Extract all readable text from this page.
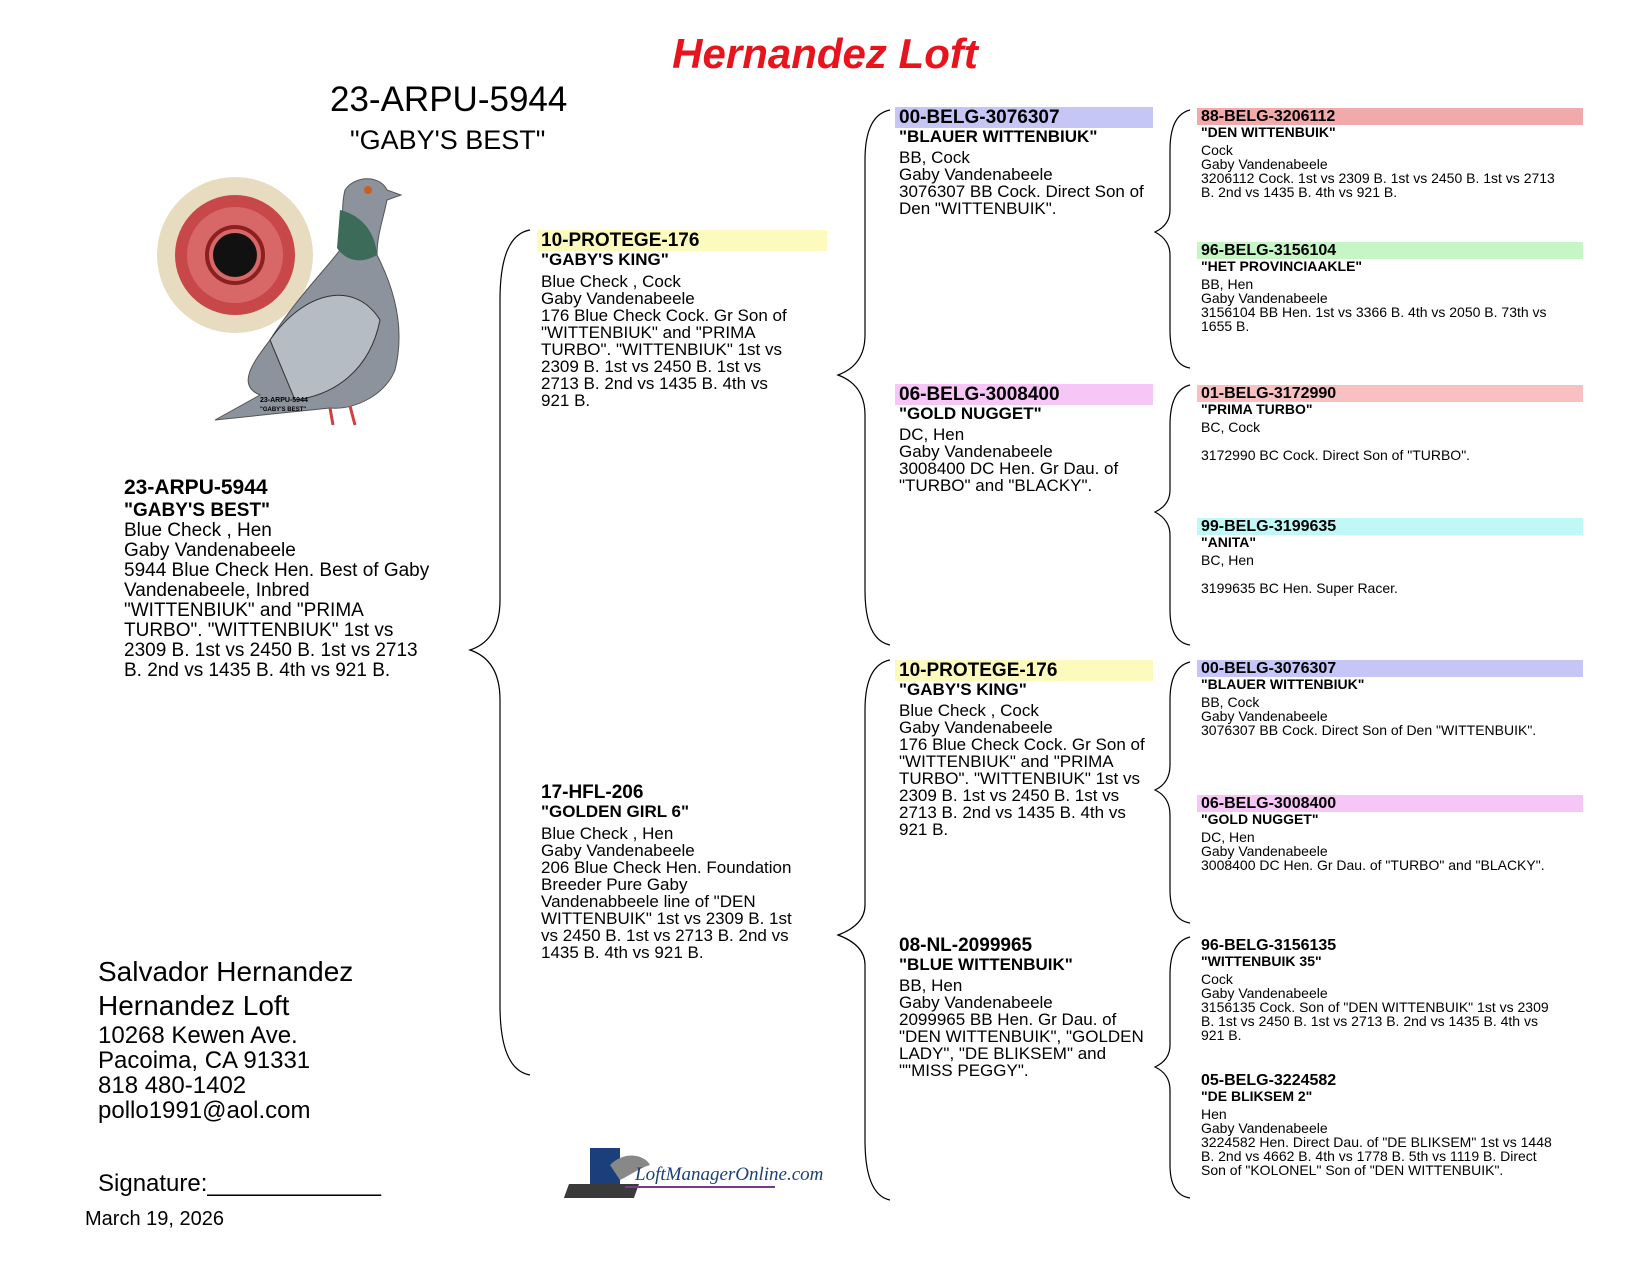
Hernandez Loft
23-ARPU-5944
"GABY'S BEST"
23-ARPU-5944
"GABY'S BEST"
23-ARPU-5944
"GABY'S BEST"
Blue Check , Hen
Gaby Vandenabeele
5944 Blue Check Hen. Best of Gaby
Vandenabeele, Inbred
"WITTENBIUK" and "PRIMA
TURBO". "WITTENBIUK" 1st vs
2309 B. 1st vs 2450 B. 1st vs 2713
B. 2nd vs 1435 B. 4th vs 921 B.
10-PROTEGE-176
"GABY'S KING"
Blue Check , Cock
Gaby Vandenabeele
176 Blue Check Cock. Gr Son of
"WITTENBIUK" and "PRIMA
TURBO". "WITTENBIUK" 1st vs
2309 B. 1st vs 2450 B. 1st vs
2713 B. 2nd vs 1435 B. 4th vs
921 B.
17-HFL-206
"GOLDEN GIRL 6"
Blue Check , Hen
Gaby Vandenabeele
206 Blue Check Hen. Foundation
Breeder Pure Gaby
Vandenabbeele line of "DEN
WITTENBUIK" 1st vs 2309 B. 1st
vs 2450 B. 1st vs 2713 B. 2nd vs
1435 B. 4th vs 921 B.
00-BELG-3076307
"BLAUER WITTENBIUK"
BB, Cock
Gaby Vandenabeele
3076307 BB Cock. Direct Son of
Den "WITTENBUIK".
06-BELG-3008400
"GOLD NUGGET"
DC, Hen
Gaby Vandenabeele
3008400 DC Hen. Gr Dau. of
"TURBO" and "BLACKY".
10-PROTEGE-176
"GABY'S KING"
Blue Check , Cock
Gaby Vandenabeele
176 Blue Check Cock. Gr Son of
"WITTENBIUK" and "PRIMA
TURBO". "WITTENBIUK" 1st vs
2309 B. 1st vs 2450 B. 1st vs
2713 B. 2nd vs 1435 B. 4th vs
921 B.
08-NL-2099965
"BLUE WITTENBUIK"
BB, Hen
Gaby Vandenabeele
2099965 BB Hen. Gr Dau. of
"DEN WITTENBUIK", "GOLDEN
LADY", "DE BLIKSEM" and
""MISS PEGGY".
88-BELG-3206112
"DEN WITTENBUIK"
Cock
Gaby Vandenabeele
3206112 Cock. 1st vs 2309 B. 1st vs 2450 B. 1st vs 2713
B. 2nd vs 1435 B. 4th vs 921 B.
96-BELG-3156104
"HET PROVINCIAAKLE"
BB, Hen
Gaby Vandenabeele
3156104 BB Hen. 1st vs 3366 B. 4th vs 2050 B. 73th vs
1655 B.
01-BELG-3172990
"PRIMA TURBO"
BC, Cock
3172990 BC Cock. Direct Son of "TURBO".
99-BELG-3199635
"ANITA"
BC, Hen
3199635 BC Hen. Super Racer.
00-BELG-3076307
"BLAUER WITTENBIUK"
BB, Cock
Gaby Vandenabeele
3076307 BB Cock. Direct Son of Den "WITTENBUIK".
06-BELG-3008400
"GOLD NUGGET"
DC, Hen
Gaby Vandenabeele
3008400 DC Hen. Gr Dau. of "TURBO" and "BLACKY".
96-BELG-3156135
"WITTENBUIK 35"
Cock
Gaby Vandenabeele
3156135 Cock. Son of "DEN WITTENBUIK" 1st vs 2309
B. 1st vs 2450 B. 1st vs 2713 B. 2nd vs 1435 B. 4th vs
921 B.
05-BELG-3224582
"DE BLIKSEM 2"
Hen
Gaby Vandenabeele
3224582 Hen. Direct Dau. of "DE BLIKSEM" 1st vs 1448
B. 2nd vs 4662 B. 4th vs 1778 B. 5th vs 1119 B. Direct
Son of "KOLONEL" Son of "DEN WITTENBUIK".
Salvador Hernandez
Hernandez Loft
10268 Kewen Ave.
Pacoima, CA 91331
818 480-1402
pollo1991@aol.com
Signature:_____________
March 19, 2026
LoftManagerOnline.com
